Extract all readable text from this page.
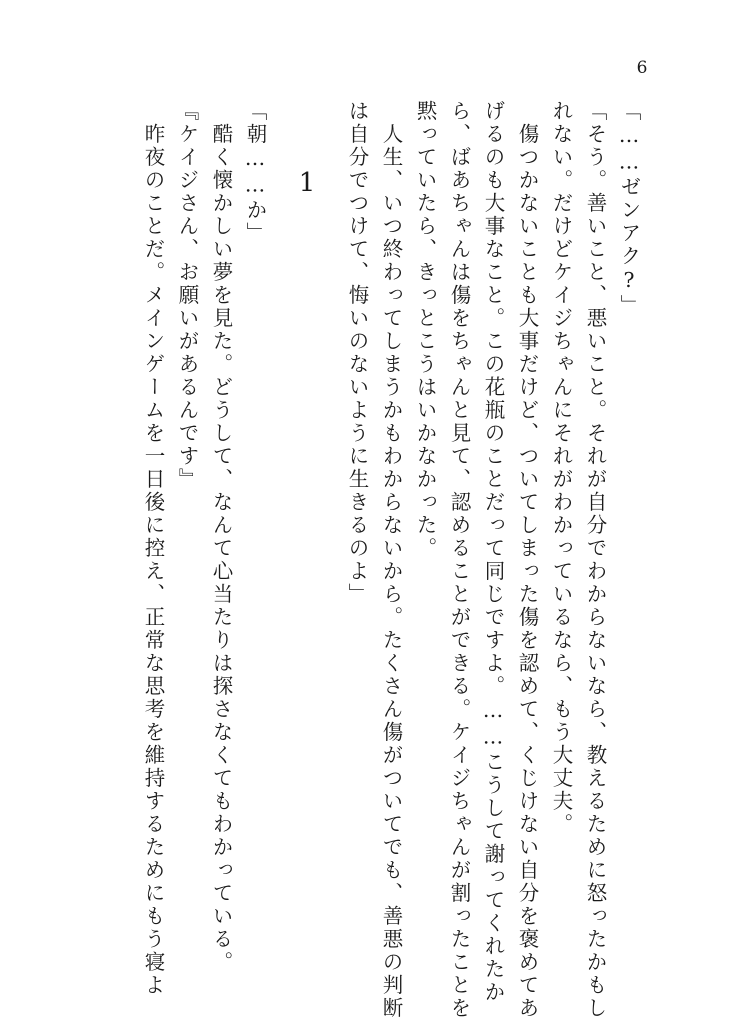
6
「……ゼンアク?」
「そう。善いこと、悪いこと。それが自分でわからないなら、教えるために怒ったかもし
れない。だけどケイジちゃんにそれがわかっているなら、もう大丈夫。
　傷つかないことも大事だけど、ついてしまった傷を認めて、くじけない自分を褒めてあ
げるのも大事なこと。この花瓶のことだって同じですよ。……こうして謝ってくれたか
ら、ばあちゃんは傷をちゃんと見て、認めることができる。ケイジちゃんが割ったことを
黙っていたら、きっとこうはいかなかった。
　人生、いつ終わってしまうかもわからないから。たくさん傷がついてでも、善悪の判断
は自分でつけて、悔いのないように生きるのよ」
1
「朝……か」
　酷く懐かしい夢を見た。どうして、なんて心当たりは探さなくてもわかっている。
『ケイジさん、お願いがあるんです』
　昨夜のことだ。メインゲームを一日後に控え、正常な思考を維持するためにもう寝よ
